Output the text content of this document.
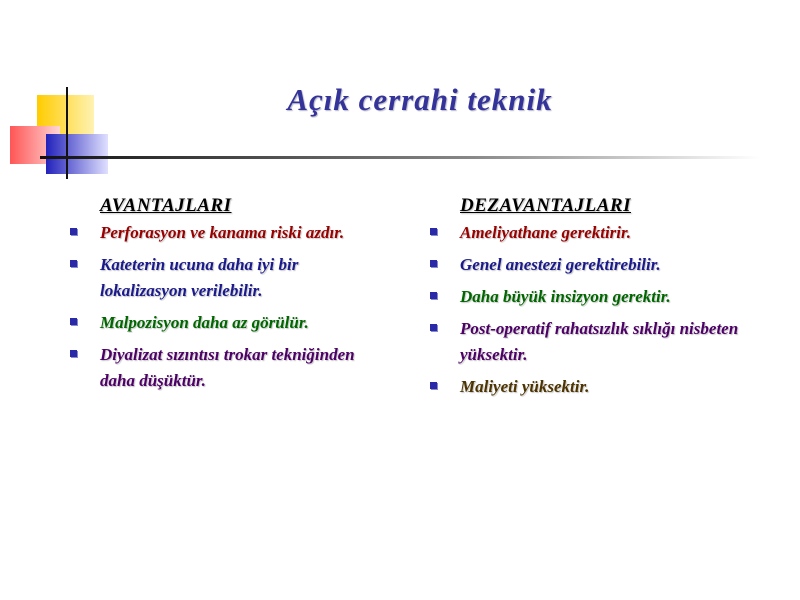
Açık cerrahi teknik
AVANTAJLARI
Perforasyon ve kanama riski azdır.
Kateterin ucuna daha iyi bir lokalizasyon verilebilir.
Malpozisyon daha az görülür.
Diyalizat sızıntısı trokar tekniğinden daha düşüktür.
DEZAVANTAJLARI
Ameliyathane gerektirir.
Genel anestezi gerektirebilir.
Daha büyük insizyon gerektir.
Post-operatif rahatsızlık sıklığı nisbeten yüksektir.
Maliyeti yüksektir.
